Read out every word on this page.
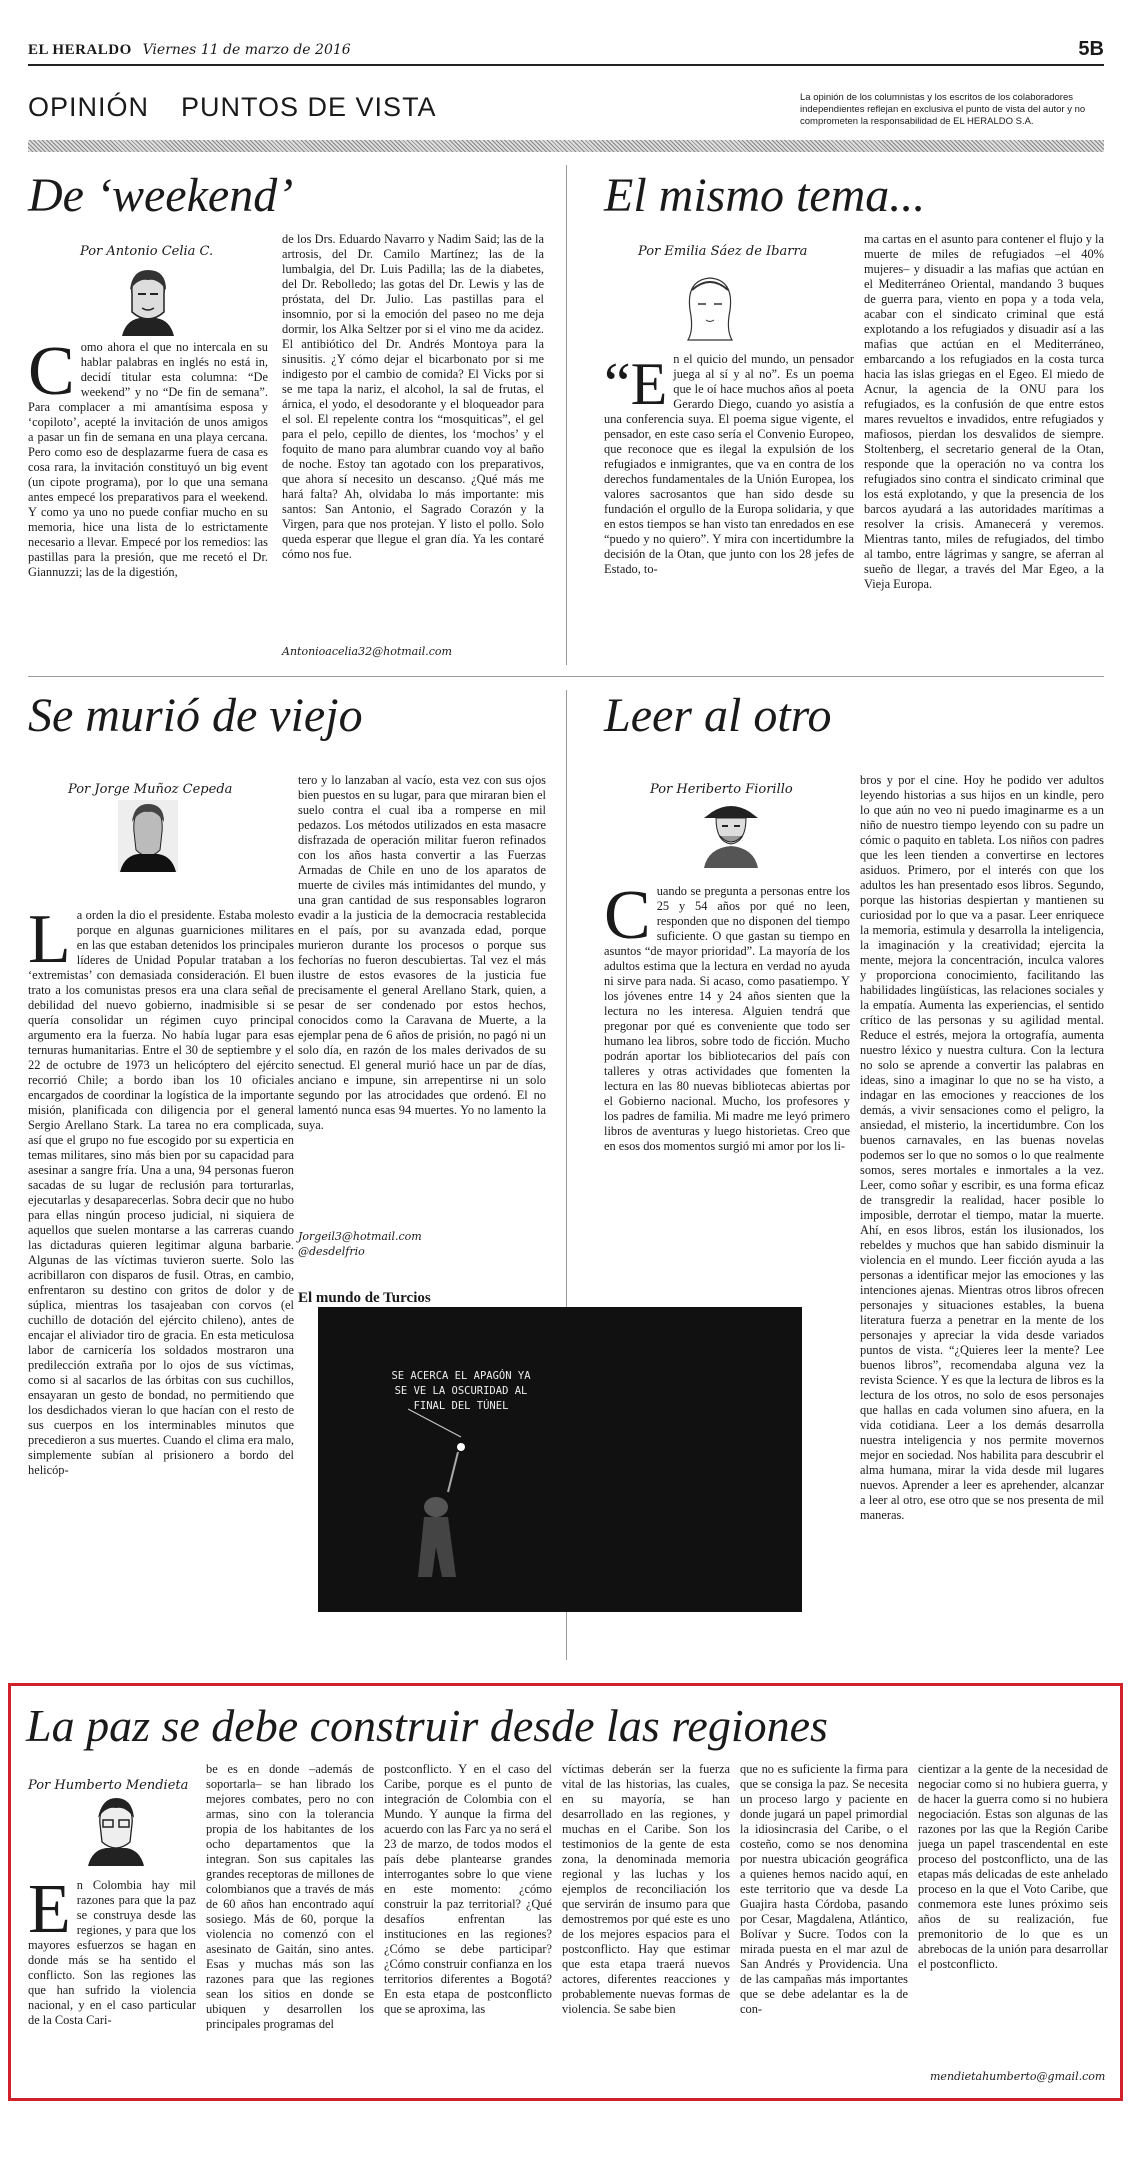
EL HERALDO Viernes 11 de marzo de 2016	5B
OPINIÓN PUNTOS DE VISTA	La opinión de los columnistas y los escritos de los colaboradores independientes reflejan en exclusiva el punto de vista del autor y no comprometen la responsabilidad de EL HERALDO S.A.
De ‘weekend’
Por Antonio Celia C.
C omo ahora el que no intercala en su hablar palabras en inglés no está in, decidí titular esta columna: “De weekend” y no “De fin de semana”. Para complacer a mi amantísima esposa y ‘copiloto’, acepté la invitación de unos amigos a pasar un fin de semana en una playa cercana. Pero como eso de desplazarme fuera de casa es cosa rara, la invitación constituyó un big event (un cipote programa), por lo que una semana antes empecé los preparativos para el weekend. Y como ya uno no puede confiar mucho en su memoria, hice una lista de lo estrictamente necesario a llevar. Empecé por los remedios: las pastillas para la presión, que me recetó el Dr. Giannuzzi; las de la digestión,

de los Drs. Eduardo Navarro y Nadim Said; las de la artrosis, del Dr. Camilo Martínez; las de la lumbalgia, del Dr. Luis Padilla; las de la diabetes, del Dr. Rebolledo; las gotas del Dr. Lewis y las de próstata, del Dr. Julio. Las pastillas para el insomnio, por si la emoción del paseo no me deja dormir, los Alka Seltzer por si el vino me da acidez. El antibiótico del Dr. Andrés Montoya para la sinusitis. ¿Y cómo dejar el bicarbonato por si me indigesto por el cambio de comida? El Vicks por si se me tapa la nariz, el alcohol, la sal de frutas, el árnica, el yodo, el desodorante y el bloqueador para el sol. El repelente contra los “mosquiticas”, el gel para el pelo, cepillo de dientes, los ‘mochos’ y el foquito de mano para alumbrar cuando voy al baño de noche. Estoy tan agotado con los preparativos, que ahora sí necesito un descanso. ¿Qué más me hará falta? Ah, olvidaba lo más importante: mis santos: San Antonio, el Sagrado Corazón y la Virgen, para que nos protejan. Y listo el pollo. Solo queda esperar que llegue el gran día. Ya les contaré cómo nos fue.

Antonioacelia32@hotmail.com
El mismo tema...
Por Emilia Sáez de Ibarra
“E n el quicio del mundo, un pensador juega al sí y al no”. Es un poema que le oí hace muchos años al poeta Gerardo Diego, cuando yo asistía a una conferencia suya. El poema sigue vigente, el pensador, en este caso sería el Convenio Europeo, que reconoce que es ilegal la expulsión de los refugiados e inmigrantes, que va en contra de los derechos fundamentales de la Unión Europea, los valores sacrosantos que han sido desde su fundación el orgullo de la Europa solidaria, y que en estos tiempos se han visto tan enredados en ese “puedo y no quiero”. Y mira con incertidumbre la decisión de la Otan, que junto con los 28 jefes de Estado, to-

ma cartas en el asunto para contener el flujo y la muerte de miles de refugiados –el 40% mujeres– y disuadir a las mafias que actúan en el Mediterráneo Oriental, mandando 3 buques de guerra para, viento en popa y a toda vela, acabar con el sindicato criminal que está explotando a los refugiados y disuadir así a las mafias que actúan en el Mediterráneo, embarcando a los refugiados en la costa turca hacia las islas griegas en el Egeo. El miedo de Acnur, la agencia de la ONU para los refugiados, es la confusión de que entre estos mares revueltos e invadidos, entre refugiados y mafiosos, pierdan los desvalidos de siempre. Stoltenberg, el secretario general de la Otan, responde que la operación no va contra los refugiados sino contra el sindicato criminal que los está explotando, y que la presencia de los barcos ayudará a las autoridades marítimas a resolver la crisis. Amanecerá y veremos. Mientras tanto, miles de refugiados, del timbo al tambo, entre lágrimas y sangre, se aferran al sueño de llegar, a través del Mar Egeo, a la Vieja Europa.

Se murió de viejo
Por Jorge Muñoz Cepeda
L a orden la dio el presidente. Estaba molesto porque en algunas guarniciones militares en las que estaban detenidos los principales líderes de Unidad Popular trataban a los ‘extremistas’ con demasiada consideración. El buen trato a los comunistas presos era una clara señal de debilidad del nuevo gobierno, inadmisible si se quería consolidar un régimen cuyo principal argumento era la fuerza. No había lugar para esas ternuras humanitarias. Entre el 30 de septiembre y el 22 de octubre de 1973 un helicóptero del ejército recorrió Chile; a bordo iban los 10 oficiales encargados de coordinar la logística de la importante misión, planificada con diligencia por el general Sergio Arellano Stark. La tarea no era complicada, así que el grupo no fue escogido por su experticia en temas militares, sino más bien por su capacidad para asesinar a sangre fría. Una a una, 94 personas fueron sacadas de su lugar de reclusión para torturarlas, ejecutarlas y desaparecerlas. Sobra decir que no hubo para ellas ningún proceso judicial, ni siquiera de aquellos que suelen montarse a las carreras cuando las dictaduras quieren legitimar alguna barbarie. Algunas de las víctimas tuvieron suerte. Solo las acribillaron con disparos de fusil. Otras, en cambio, enfrentaron su destino con gritos de dolor y de súplica, mientras los tasajeaban con corvos (el cuchillo de dotación del ejército chileno), antes de encajar el aliviador tiro de gracia. En esta meticulosa labor de carnicería los soldados mostraron una predilección extraña por lo ojos de sus víctimas, como si al sacarlos de las órbitas con sus cuchillos, ensayaran un gesto de bondad, no permitiendo que los desdichados vieran lo que hacían con el resto de sus cuerpos en los interminables minutos que precedieron a sus muertes. Cuando el clima era malo, simplemente subían al prisionero a bordo del helicóp-

tero y lo lanzaban al vacío, esta vez con sus ojos bien puestos en su lugar, para que miraran bien el suelo contra el cual iba a romperse en mil pedazos. Los métodos utilizados en esta masacre disfrazada de operación militar fueron refinados con los años hasta convertir a las Fuerzas Armadas de Chile en uno de los aparatos de muerte de civiles más intimidantes del mundo, y una gran cantidad de sus responsables lograron evadir a la justicia de la democracia restablecida en el país, por su avanzada edad, porque murieron durante los procesos o porque sus fechorías no fueron descubiertas. Tal vez el más ilustre de estos evasores de la justicia fue precisamente el general Arellano Stark, quien, a pesar de ser condenado por estos hechos, conocidos como la Caravana de Muerte, a la ejemplar pena de 6 años de prisión, no pagó ni un solo día, en razón de los males derivados de su senectud. El general murió hace un par de días, anciano e impune, sin arrepentirse ni un solo segundo por las atrocidades que ordenó. El no lamentó nunca esas 94 muertes. Yo no lamento la suya.

Jorgeil3@hotmail.com
@desdelfrio
El mundo de Turcios
SE ACERCA EL APAGÓN YA SE VE LA OSCURIDAD AL FINAL DEL TÚNEL
Leer al otro
Por Heriberto Fiorillo
C uando se pregunta a personas entre los 25 y 54 años por qué no leen, responden que no disponen del tiempo suficiente. O que gastan su tiempo en asuntos “de mayor prioridad”. La mayoría de los adultos estima que la lectura en verdad no ayuda ni sirve para nada. Si acaso, como pasatiempo. Y los jóvenes entre 14 y 24 años sienten que la lectura no les interesa. Alguien tendrá que pregonar por qué es conveniente que todo ser humano lea libros, sobre todo de ficción. Mucho podrán aportar los bibliotecarios del país con talleres y otras actividades que fomenten la lectura en las 80 nuevas bibliotecas abiertas por el Gobierno nacional. Mucho, los profesores y los padres de familia. Mi madre me leyó primero libros de aventuras y luego historietas. Creo que en esos dos momentos surgió mi amor por los li-

bros y por el cine. Hoy he podido ver adultos leyendo historias a sus hijos en un kindle, pero lo que aún no veo ni puedo imaginarme es a un niño de nuestro tiempo leyendo con su padre un cómic o paquito en tableta. Los niños con padres que les leen tienden a convertirse en lectores asiduos. Primero, por el interés con que los adultos les han presentado esos libros. Segundo, porque las historias despiertan y mantienen su curiosidad por lo que va a pasar. Leer enriquece la memoria, estimula y desarrolla la inteligencia, la imaginación y la creatividad; ejercita la mente, mejora la concentración, inculca valores y proporciona conocimiento, facilitando las habilidades lingüísticas, las relaciones sociales y la empatía. Aumenta las experiencias, el sentido crítico de las personas y su agilidad mental. Reduce el estrés, mejora la ortografía, aumenta nuestro léxico y nuestra cultura. Con la lectura no solo se aprende a convertir las palabras en ideas, sino a imaginar lo que no se ha visto, a indagar en las emociones y reacciones de los demás, a vivir sensaciones como el peligro, la ansiedad, el misterio, la incertidumbre. Con los buenos carnavales, en las buenas novelas podemos ser lo que no somos o lo que realmente somos, seres mortales e inmortales a la vez. Leer, como soñar y escribir, es una forma eficaz de transgredir la realidad, hacer posible lo imposible, derrotar el tiempo, matar la muerte. Ahí, en esos libros, están los ilusionados, los rebeldes y muchos que han sabido disminuir la violencia en el mundo. Leer ficción ayuda a las personas a identificar mejor las emociones y las intenciones ajenas. Mientras otros libros ofrecen personajes y situaciones estables, la buena literatura fuerza a penetrar en la mente de los personajes y apreciar la vida desde variados puntos de vista. “¿Quieres leer la mente? Lee buenos libros”, recomendaba alguna vez la revista Science. Y es que la lectura de libros es la lectura de los otros, no solo de esos personajes que hallas en cada volumen sino afuera, en la vida cotidiana. Leer a los demás desarrolla nuestra inteligencia y nos permite movernos mejor en sociedad. Nos habilita para descubrir el alma humana, mirar la vida desde mil lugares nuevos. Aprender a leer es aprehender, alcanzar a leer al otro, ese otro que se nos presenta de mil maneras.

La paz se debe construir desde las regiones
Por Humberto Mendieta
E n Colombia hay mil razones para que la paz se construya desde las regiones, y para que los mayores esfuerzos se hagan en donde más se ha sentido el conflicto. Son las regiones las que han sufrido la violencia nacional, y en el caso particular de la Costa Cari-

be es en donde –además de soportarla– se han librado los mejores combates, pero no con armas, sino con la tolerancia propia de los habitantes de los ocho departamentos que la integran. Son sus capitales las grandes receptoras de millones de colombianos que a través de más de 60 años han encontrado aquí sosiego. Más de 60, porque la violencia no comenzó con el asesinato de Gaitán, sino antes. Esas y muchas más son las razones para que las regiones sean los sitios en donde se ubiquen y desarrollen los principales programas del

postconflicto. Y en el caso del Caribe, porque es el punto de integración de Colombia con el Mundo. Y aunque la firma del acuerdo con las Farc ya no será el 23 de marzo, de todos modos el país debe plantearse grandes interrogantes sobre lo que viene en este momento: ¿cómo construir la paz territorial? ¿Qué desafíos enfrentan las instituciones en las regiones? ¿Cómo se debe participar? ¿Cómo construir confianza en los territorios diferentes a Bogotá? En esta etapa de postconflicto que se aproxima, las

víctimas deberán ser la fuerza vital de las historias, las cuales, en su mayoría, se han desarrollado en las regiones, y muchas en el Caribe. Son los testimonios de la gente de esta zona, la denominada memoria regional y las luchas y los ejemplos de reconciliación los que servirán de insumo para que demostremos por qué este es uno de los mejores espacios para el postconflicto. Hay que estimar que esta etapa traerá nuevos actores, diferentes reacciones y probablemente nuevas formas de violencia. Se sabe bien

que no es suficiente la firma para que se consiga la paz. Se necesita un proceso largo y paciente en donde jugará un papel primordial la idiosincrasia del Caribe, o el costeño, como se nos denomina por nuestra ubicación geográfica a quienes hemos nacido aquí, en este territorio que va desde La Guajira hasta Córdoba, pasando por Cesar, Magdalena, Atlántico, Bolívar y Sucre. Todos con la mirada puesta en el mar azul de San Andrés y Providencia. Una de las campañas más importantes que se debe adelantar es la de con-

cientizar a la gente de la necesidad de negociar como si no hubiera guerra, y de hacer la guerra como si no hubiera negociación. Estas son algunas de las razones por las que la Región Caribe juega un papel trascendental en este proceso del postconflicto, una de las etapas más delicadas de este anhelado proceso en la que el Voto Caribe, que conmemora este lunes próximo seis años de su realización, fue premonitorio de lo que es un abrebocas de la unión para desarrollar el postconflicto.

mendietahumberto@gmail.com
